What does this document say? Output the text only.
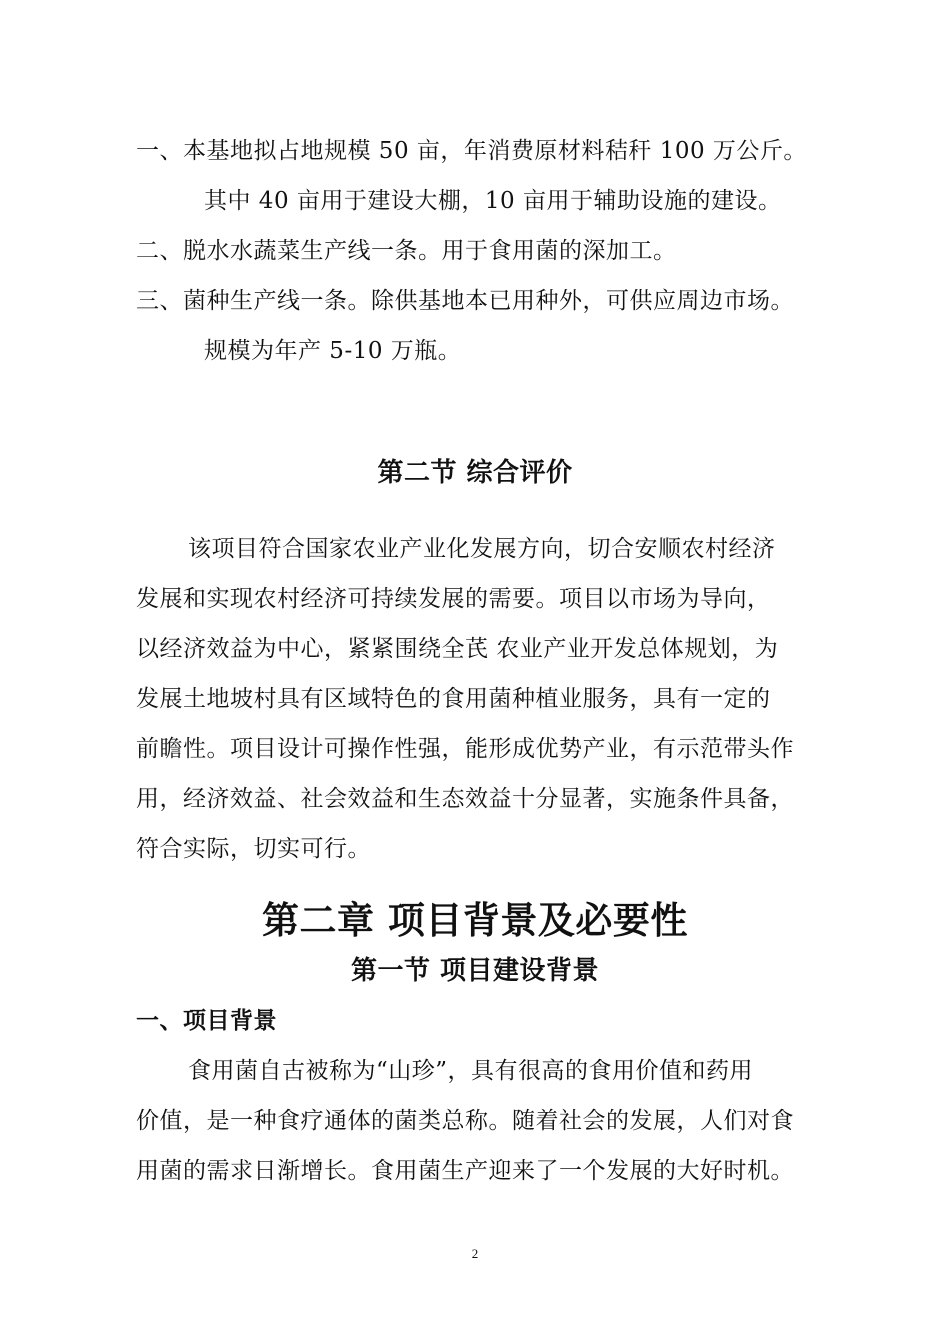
一、本基地拟占地规模 50 亩，年消费原材料秸秆 100 万公斤。
其中 40 亩用于建设大棚，10 亩用于辅助设施的建设。
二、脱水水蔬菜生产线一条。用于食用菌的深加工。
三、菌种生产线一条。除供基地本已用种外，可供应周边市场。
规模为年产 5-10 万瓶。
第二节 综合评价
该项目符合国家农业产业化发展方向，切合安顺农村经济
发展和实现农村经济可持续发展的需要。项目以市场为导向，
以经济效益为中心，紧紧围绕全芪 农业产业开发总体规划，为
发展土地坡村具有区域特色的食用菌种植业服务，具有一定的
前瞻性。项目设计可操作性强，能形成优势产业，有示范带头作
用，经济效益、社会效益和生态效益十分显著，实施条件具备，
符合实际，切实可行。
第二章 项目背景及必要性
第一节 项目建设背景
一、项目背景
食用菌自古被称为“山珍”，具有很高的食用价值和药用
价值，是一种食疗通体的菌类总称。随着社会的发展，人们对食
用菌的需求日渐增长。食用菌生产迎来了一个发展的大好时机。
2
